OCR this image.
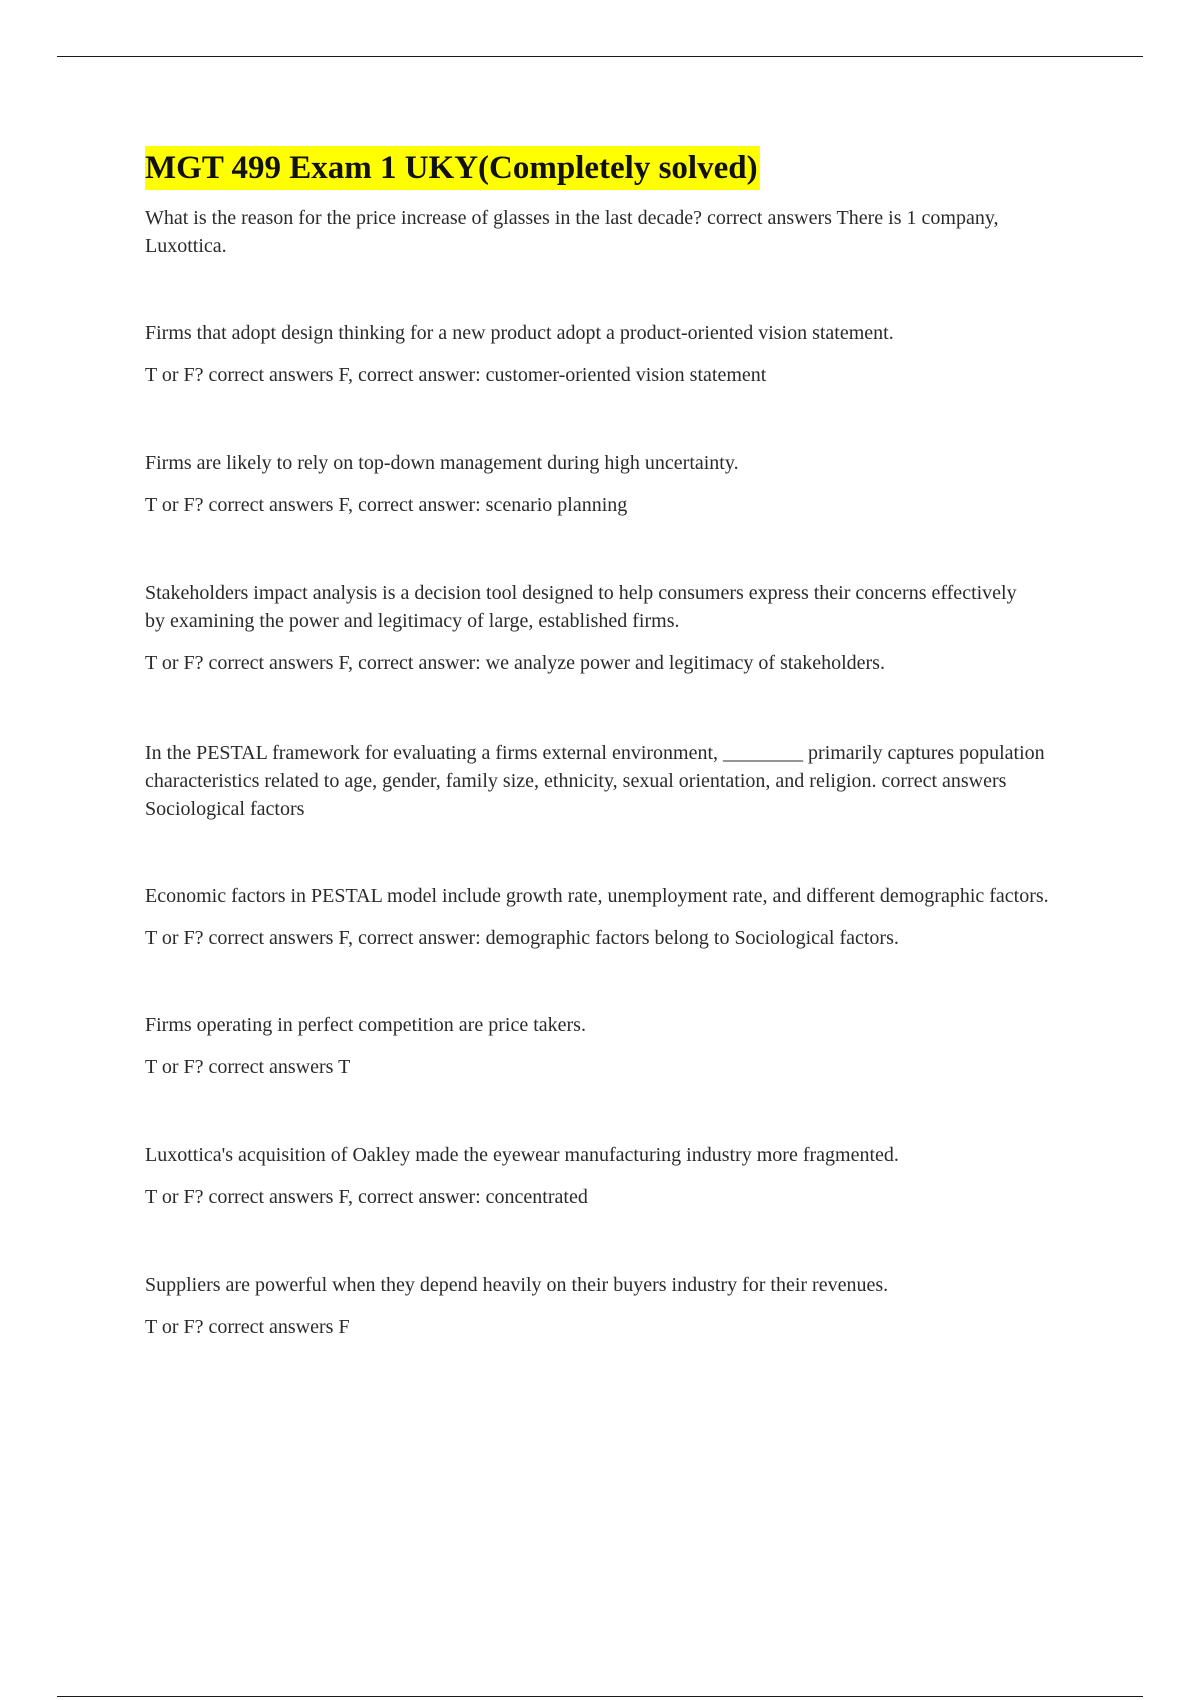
MGT 499 Exam 1 UKY(Completely solved)

What is the reason for the price increase of glasses in the last decade? correct answers There is 1 company, Luxottica.

Firms that adopt design thinking for a new product adopt a product-oriented vision statement.

T or F? correct answers F, correct answer: customer-oriented vision statement

Firms are likely to rely on top-down management during high uncertainty.

T or F? correct answers F, correct answer: scenario planning

Stakeholders impact analysis is a decision tool designed to help consumers express their concerns effectively by examining the power and legitimacy of large, established firms.

T or F? correct answers F, correct answer: we analyze power and legitimacy of stakeholders.

In the PESTAL framework for evaluating a firms external environment, ________ primarily captures population characteristics related to age, gender, family size, ethnicity, sexual orientation, and religion. correct answers Sociological factors

Economic factors in PESTAL model include growth rate, unemployment rate, and different demographic factors.

T or F? correct answers F, correct answer: demographic factors belong to Sociological factors.

Firms operating in perfect competition are price takers.

T or F? correct answers T

Luxottica's acquisition of Oakley made the eyewear manufacturing industry more fragmented.

T or F? correct answers F, correct answer: concentrated

Suppliers are powerful when they depend heavily on their buyers industry for their revenues.

T or F? correct answers F
